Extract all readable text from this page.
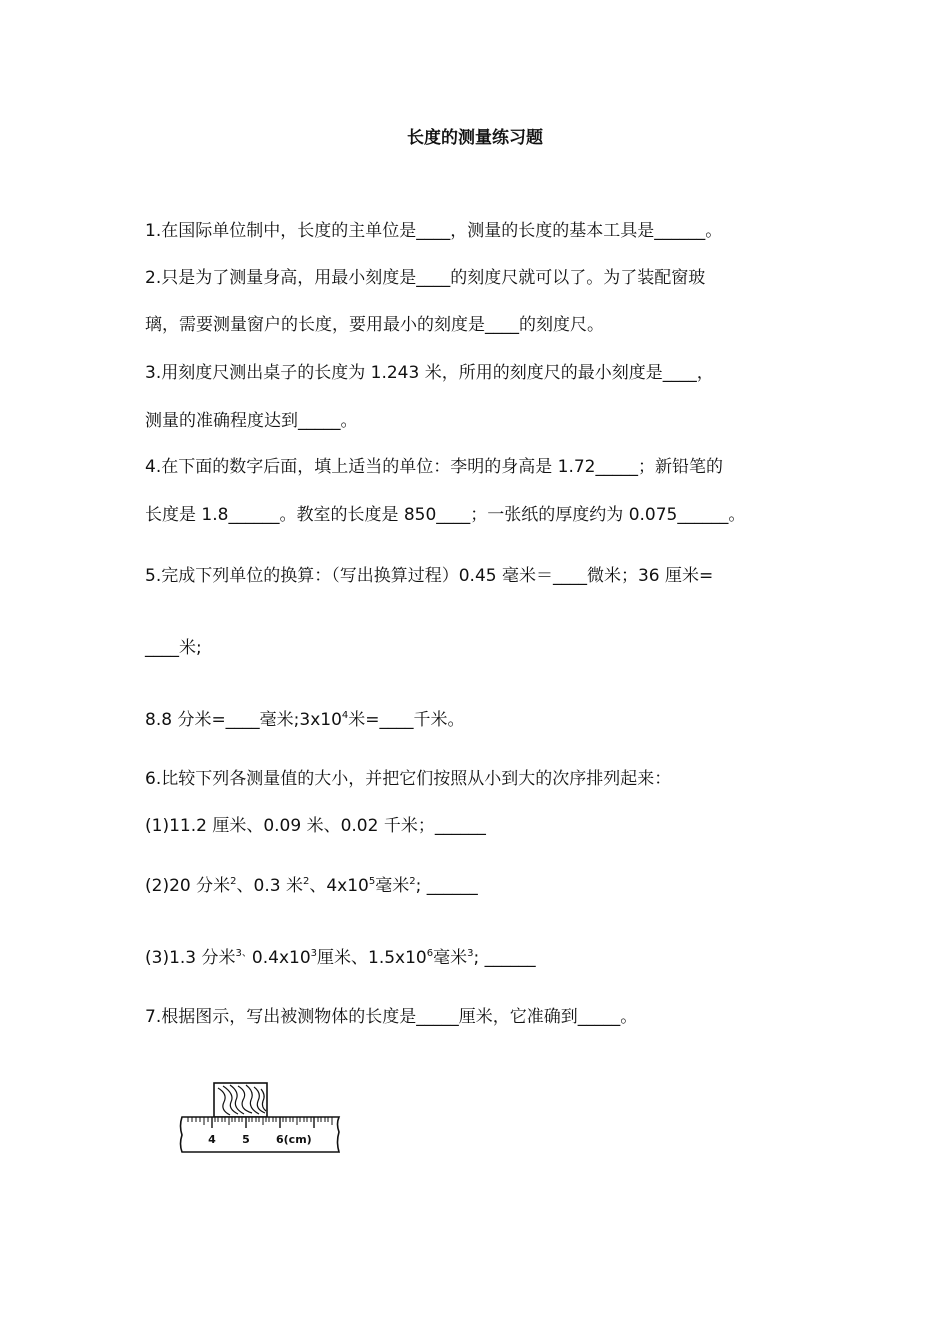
长度的测量练习题
1.在国际单位制中，长度的主单位是____，测量的长度的基本工具是______。
2.只是为了测量身高，用最小刻度是____的刻度尺就可以了。为了装配窗玻
璃，需要测量窗户的长度，要用最小的刻度是____的刻度尺。
3.用刻度尺测出桌子的长度为 1.243 米，所用的刻度尺的最小刻度是____，
测量的准确程度达到_____。
4.在下面的数字后面，填上适当的单位：李明的身高是 1.72_____；新铅笔的
长度是 1.8______。教室的长度是 850____；一张纸的厚度约为 0.075______。
5.完成下列单位的换算：（写出换算过程）0.45 毫米＝____微米；36 厘米=
____米;
8.8 分米=____毫米$;3x10^4$米=____千米。
6.比较下列各测量值的大小，并把它们按照从小到大的次序排列起来：
(1)11.2 厘米、0.09 米、0.02 千米；______
(2)20 分米$^2$、0.3 米$^2$、$4x10^5$毫米$^2$; ______
(3)1.3 分米$^{3、}0.4x10^3$厘米、$1.5x10^6$毫米$^3$; ______
7.根据图示，写出被测物体的长度是_____厘米，它准确到_____。
4 5 6(cm)
